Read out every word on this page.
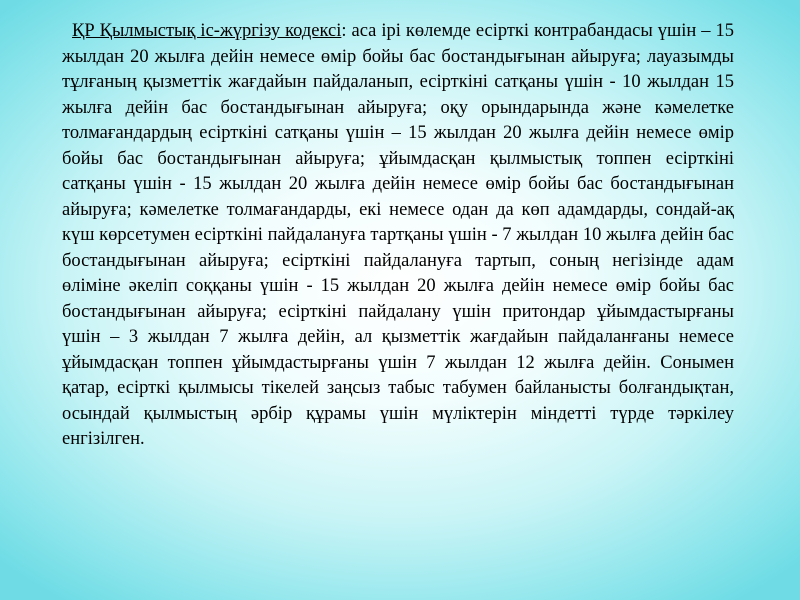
ҚР Қылмыстық іс-жүргізу кодексі: аса ірі көлемде есірткі контрабандасы үшін – 15 жылдан 20 жылға дейін немесе өмір бойы бас бостандығынан айыруға; лауазымды тұлғаның қызметтік жағдайын пайдаланып, есірткіні сатқаны үшін - 10 жылдан 15 жылға дейін бас бостандығынан айыруға; оқу орындарында және кәмелетке толмағандардың есірткіні сатқаны үшін – 15 жылдан 20 жылға дейін немесе өмір бойы бас бостандығынан айыруға; ұйымдасқан қылмыстық топпен есірткіні сатқаны үшін - 15 жылдан 20 жылға дейін немесе өмір бойы бас бостандығынан айыруға; кәмелетке толмағандарды, екі немесе одан да көп адамдарды, сондай-ақ күш көрсетумен есірткіні пайдалануға тартқаны үшін - 7 жылдан 10 жылға дейін бас бостандығынан айыруға; есірткіні пайдалануға тартып, соның негізінде адам өліміне әкеліп соққаны үшін - 15 жылдан 20 жылға дейін немесе өмір бойы бас бостандығынан айыруға; есірткіні пайдалану үшін притондар ұйымдастырғаны үшін – 3 жылдан 7 жылға дейін, ал қызметтік жағдайын пайдаланғаны немесе ұйымдасқан топпен ұйымдастырғаны үшін 7 жылдан 12 жылға дейін. Сонымен қатар, есірткі қылмысы тікелей заңсыз табыс табумен байланысты болғандықтан, осындай қылмыстың әрбір құрамы үшін мүліктерін міндетті түрде тәркілеу енгізілген.
